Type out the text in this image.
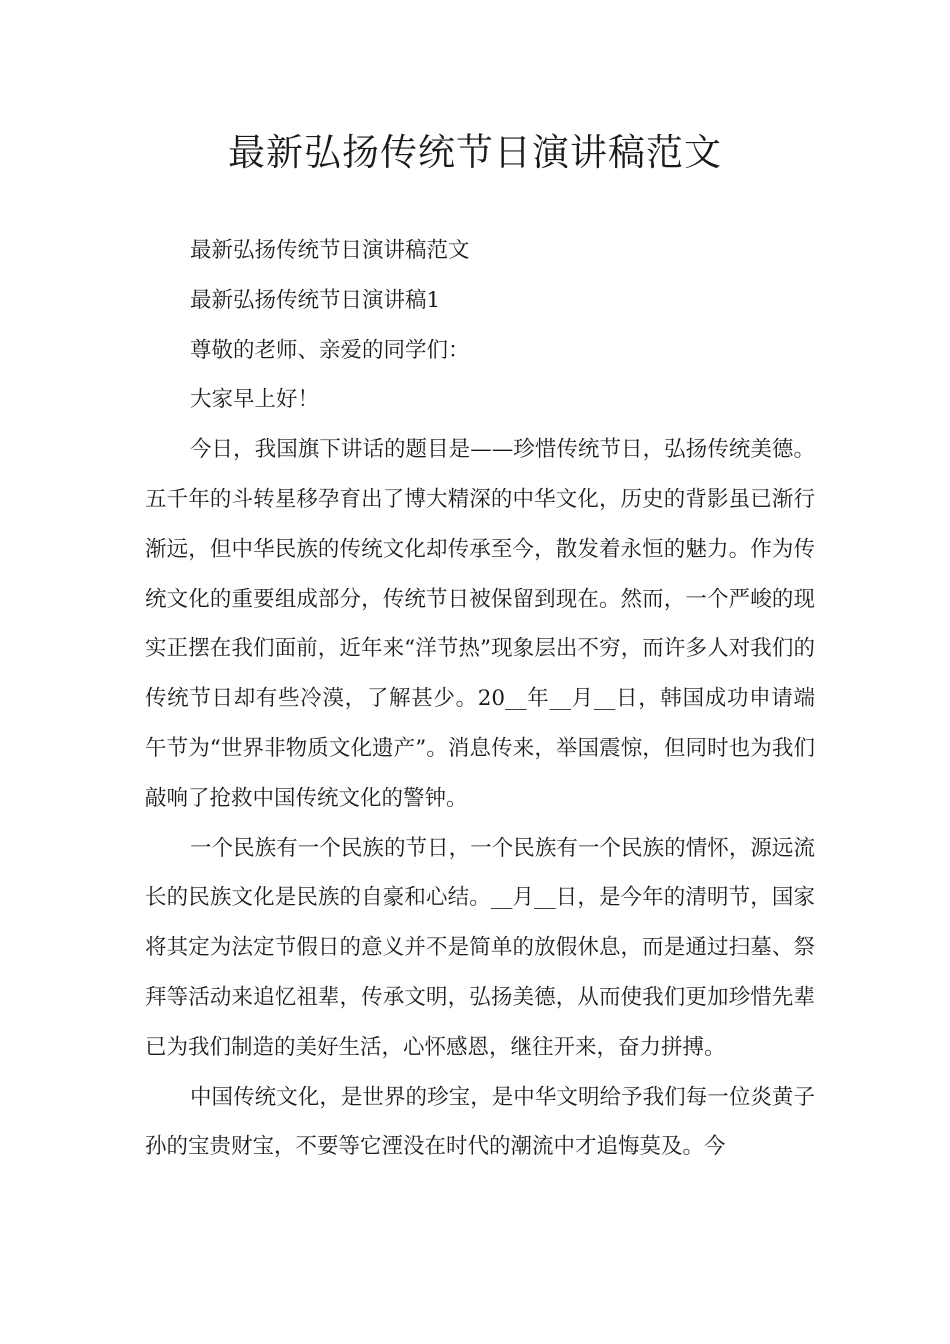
最新弘扬传统节日演讲稿范文

最新弘扬传统节日演讲稿范文

最新弘扬传统节日演讲稿1

尊敬的老师、亲爱的同学们：

大家早上好！

今日，我国旗下讲话的题目是——珍惜传统节日，弘扬传统美德。五千年的斗转星移孕育出了博大精深的中华文化，历史的背影虽已渐行渐远，但中华民族的传统文化却传承至今，散发着永恒的魅力。作为传统文化的重要组成部分，传统节日被保留到现在。然而，一个严峻的现实正摆在我们面前，近年来“洋节热”现象层出不穷，而许多人对我们的传统节日却有些冷漠，了解甚少。20__年__月__日，韩国成功申请端午节为“世界非物质文化遗产”。消息传来，举国震惊，但同时也为我们敲响了抢救中国传统文化的警钟。

一个民族有一个民族的节日，一个民族有一个民族的情怀，源远流长的民族文化是民族的自豪和心结。__月__日，是今年的清明节，国家将其定为法定节假日的意义并不是简单的放假休息，而是通过扫墓、祭拜等活动来追忆祖辈，传承文明，弘扬美德，从而使我们更加珍惜先辈已为我们制造的美好生活，心怀感恩，继往开来，奋力拼搏。

中国传统文化，是世界的珍宝，是中华文明给予我们每一位炎黄子孙的宝贵财宝，不要等它湮没在时代的潮流中才追悔莫及。今
